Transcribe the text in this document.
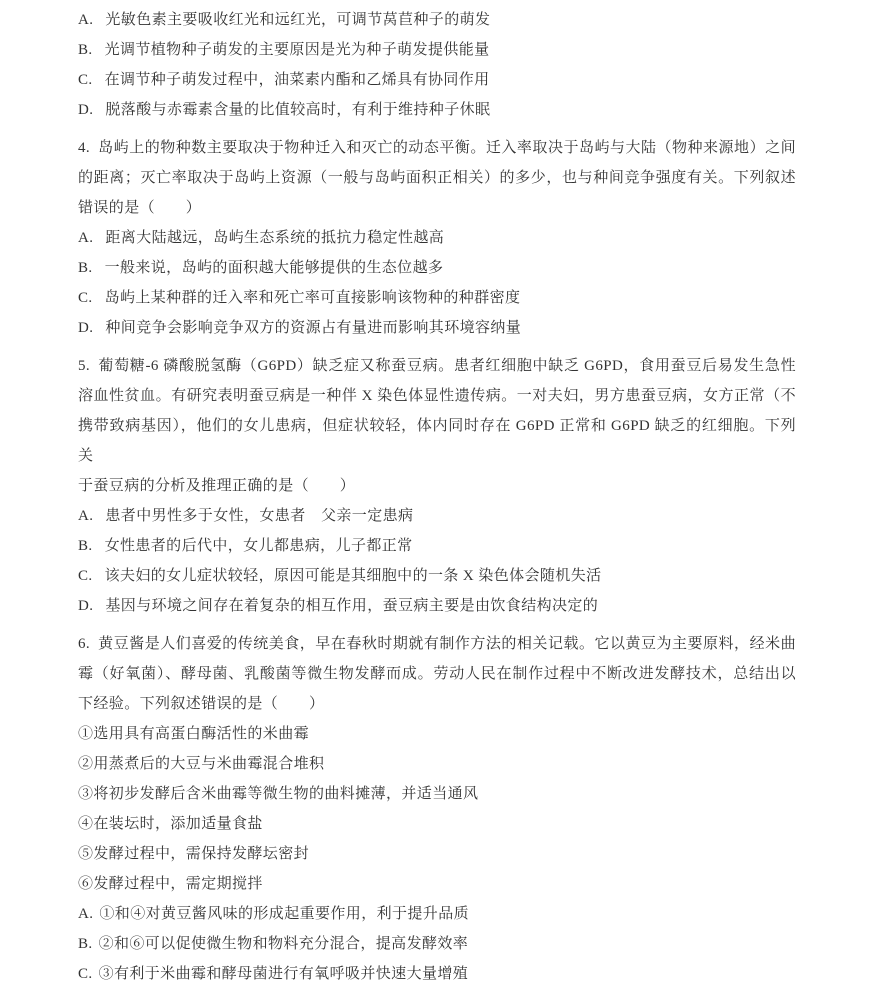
A. 光敏色素主要吸收红光和远红光，可调节莴苣种子的萌发
B. 光调节植物种子萌发的主要原因是光为种子萌发提供能量
C. 在调节种子萌发过程中，油菜素内酯和乙烯具有协同作用
D. 脱落酸与赤霉素含量的比值较高时，有利于维持种子休眠
4. 岛屿上的物种数主要取决于物种迁入和灭亡的动态平衡。迁入率取决于岛屿与大陆（物种来源地）之间
的距离；灭亡率取决于岛屿上资源（一般与岛屿面积正相关）的多少，也与种间竞争强度有关。下列叙述
错误的是（　　）
A. 距离大陆越远，岛屿生态系统的抵抗力稳定性越高
B. 一般来说，岛屿的面积越大能够提供的生态位越多
C. 岛屿上某种群的迁入率和死亡率可直接影响该物种的种群密度
D. 种间竞争会影响竞争双方的资源占有量进而影响其环境容纳量
5. 葡萄糖-6 磷酸脱氢酶（G6PD）缺乏症又称蚕豆病。患者红细胞中缺乏 G6PD，食用蚕豆后易发生急性
溶血性贫血。有研究表明蚕豆病是一种伴 X 染色体显性遗传病。一对夫妇，男方患蚕豆病，女方正常（不
携带致病基因），他们的女儿患病，但症状较轻，体内同时存在 G6PD 正常和 G6PD 缺乏的红细胞。下列关
于蚕豆病的分析及推理正确的是（　　）
A. 患者中男性多于女性，女患者　父亲一定患病
B. 女性患者的后代中，女儿都患病，儿子都正常
C. 该夫妇的女儿症状较轻，原因可能是其细胞中的一条 X 染色体会随机失活
D. 基因与环境之间存在着复杂的相互作用，蚕豆病主要是由饮食结构决定的
6. 黄豆酱是人们喜爱的传统美食，早在春秋时期就有制作方法的相关记载。它以黄豆为主要原料，经米曲
霉（好氧菌）、酵母菌、乳酸菌等微生物发酵而成。劳动人民在制作过程中不断改进发酵技术，总结出以
下经验。下列叙述错误的是（　　）
①选用具有高蛋白酶活性的米曲霉
②用蒸煮后的大豆与米曲霉混合堆积
③将初步发酵后含米曲霉等微生物的曲料摊薄，并适当通风
④在装坛时，添加适量食盐
⑤发酵过程中，需保持发酵坛密封
⑥发酵过程中，需定期搅拌
A. ①和④对黄豆酱风味的形成起重要作用，利于提升品质
B. ②和⑥可以促使微生物和物料充分混合，提高发酵效率
C. ③有利于米曲霉和酵母菌进行有氧呼吸并快速大量增殖
